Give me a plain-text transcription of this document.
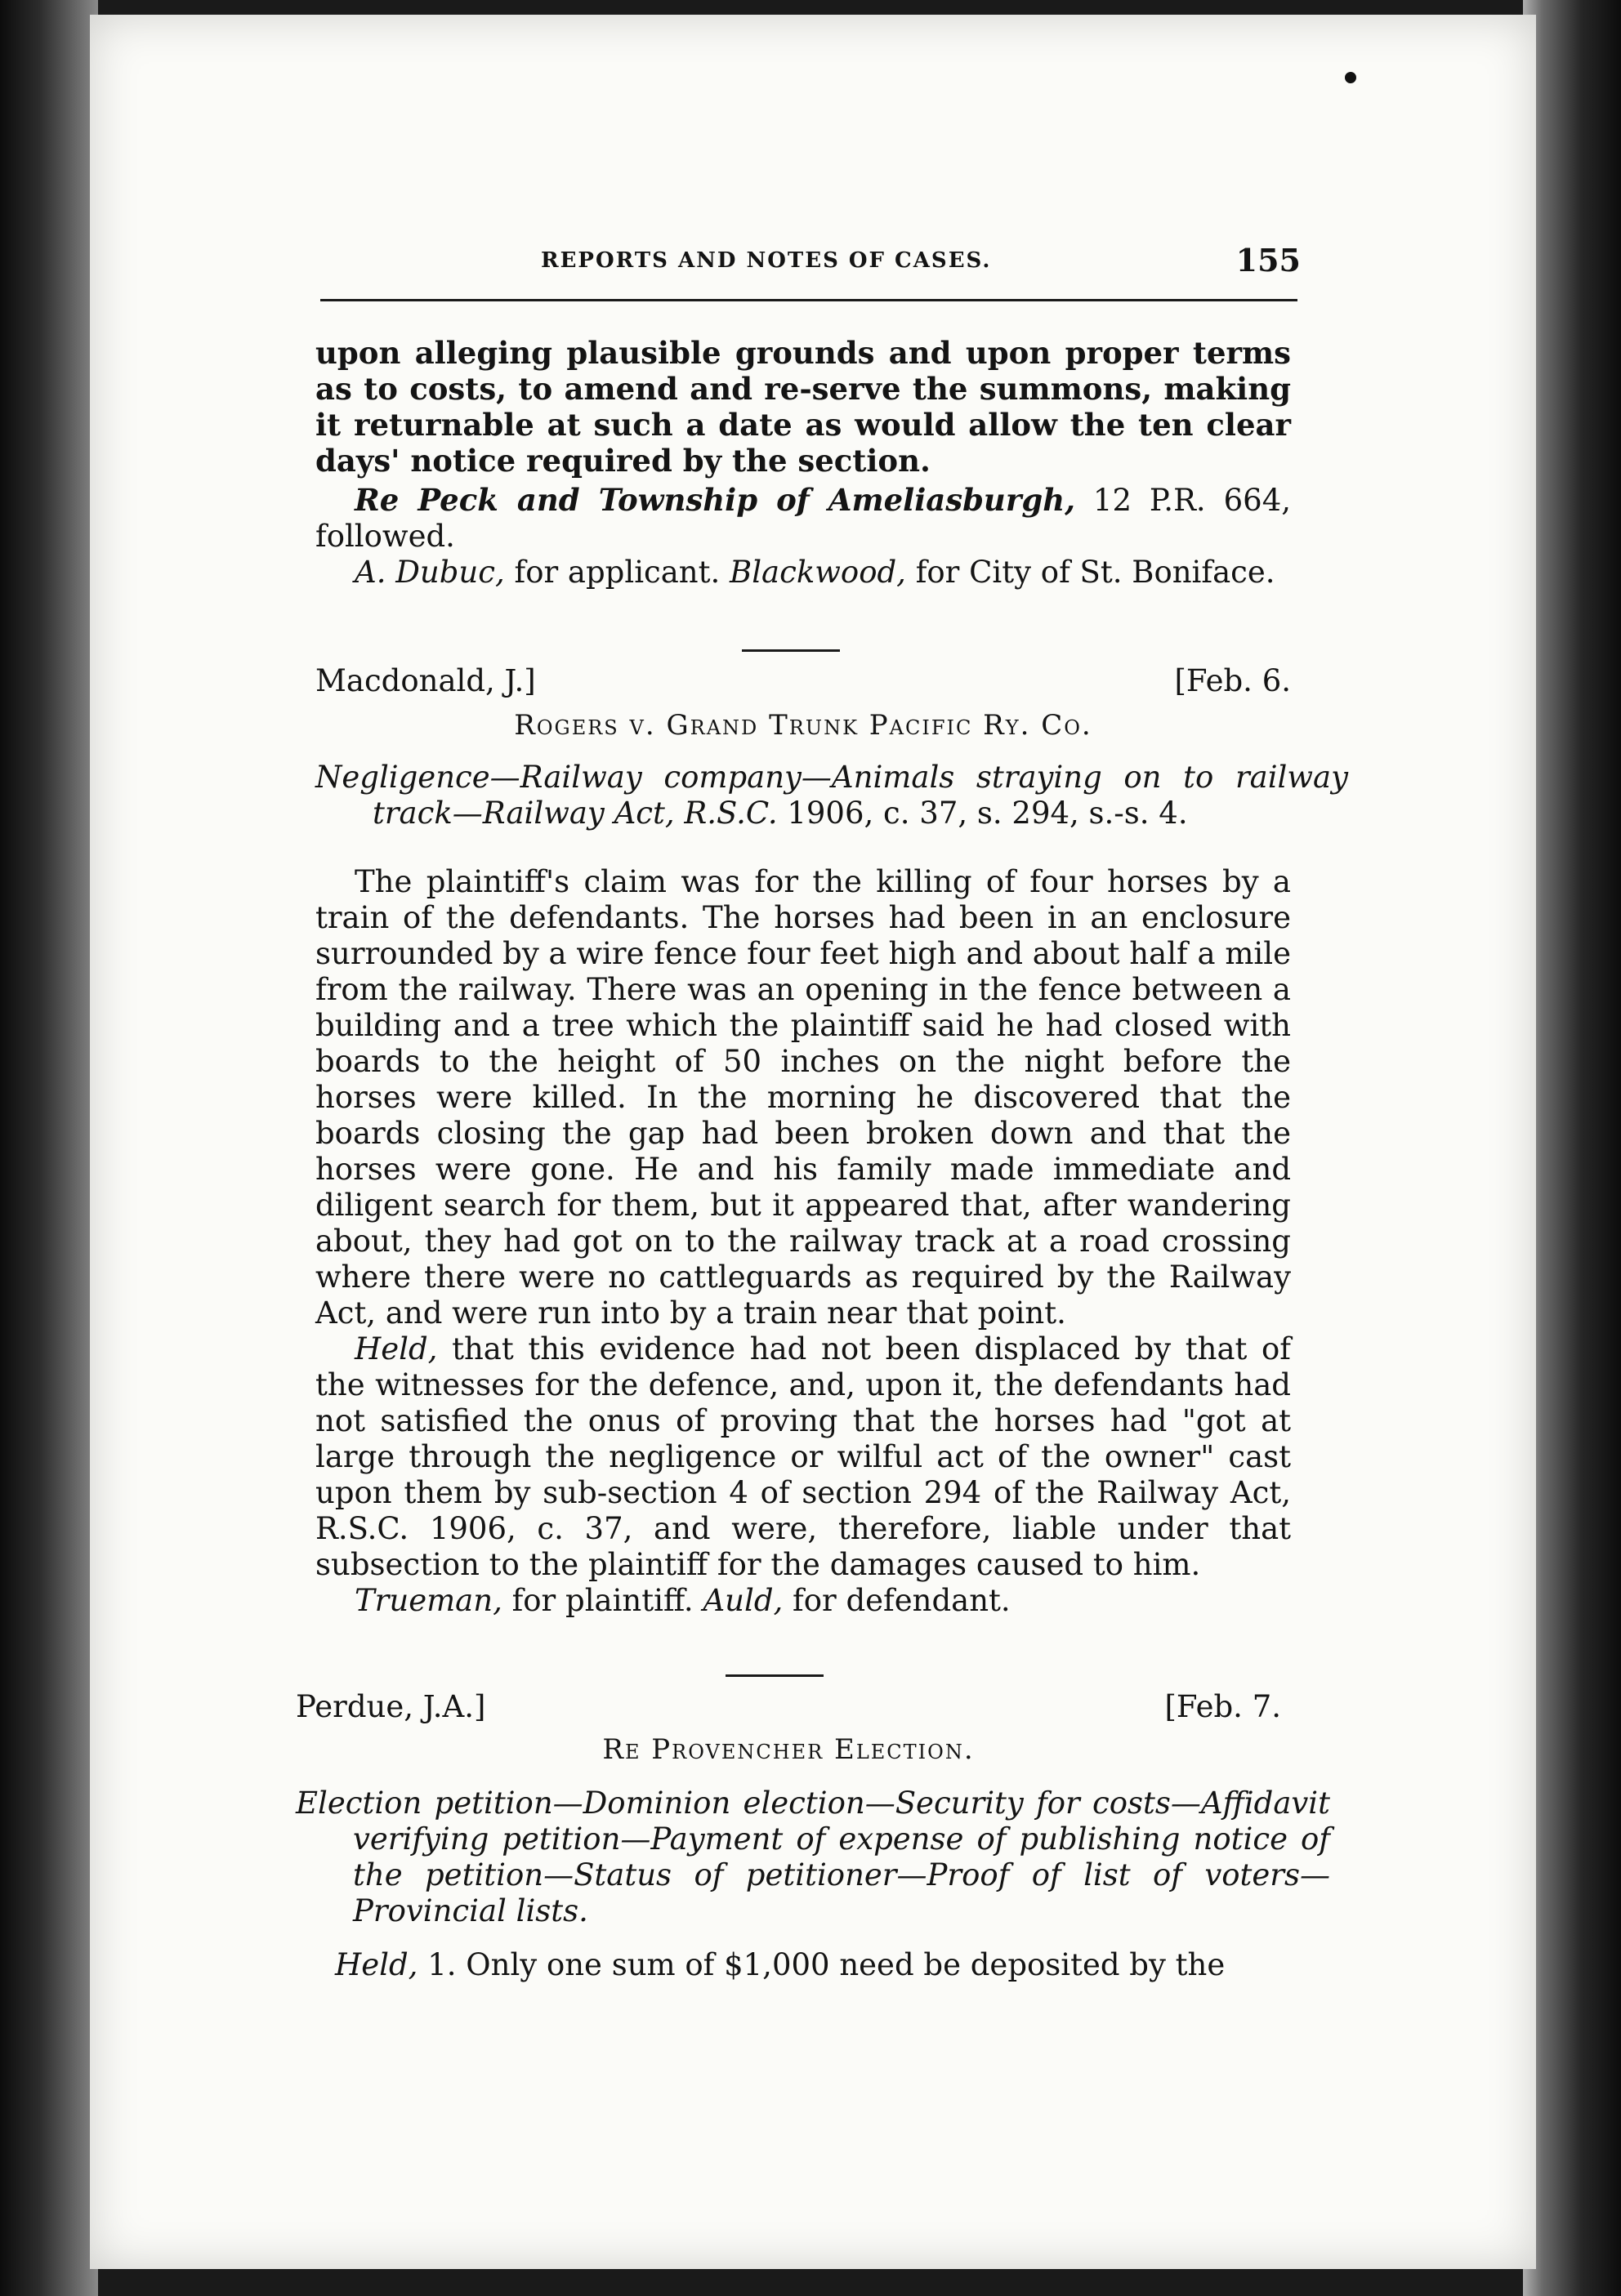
REPORTS AND NOTES OF CASES.	155

upon alleging plausible grounds and upon proper terms as to costs, to amend and re-serve the summons, making it returnable at such a date as would allow the ten clear days' notice required by the section.

Re Peck and Township of Ameliasburgh, 12 P.R. 664, followed.

A. Dubuc, for applicant. Blackwood, for City of St. Boniface.

Macdonald, J.]	[Feb. 6.
Rogers v. Grand Trunk Pacific Ry. Co.
Negligence—Railway company—Animals straying on to railway track—Railway Act, R.S.C. 1906, c. 37, s. 294, s.-s. 4.

The plaintiff's claim was for the killing of four horses by a train of the defendants. The horses had been in an enclosure surrounded by a wire fence four feet high and about half a mile from the railway. There was an opening in the fence between a building and a tree which the plaintiff said he had closed with boards to the height of 50 inches on the night before the horses were killed. In the morning he discovered that the boards closing the gap had been broken down and that the horses were gone. He and his family made immediate and diligent search for them, but it appeared that, after wandering about, they had got on to the railway track at a road crossing where there were no cattleguards as required by the Railway Act, and were run into by a train near that point.

Held, that this evidence had not been displaced by that of the witnesses for the defence, and, upon it, the defendants had not satisfied the onus of proving that the horses had "got at large through the negligence or wilful act of the owner" cast upon them by sub-section 4 of section 294 of the Railway Act, R.S.C. 1906, c. 37, and were, therefore, liable under that subsection to the plaintiff for the damages caused to him.

Trueman, for plaintiff. Auld, for defendant.

Perdue, J.A.]	[Feb. 7.
Re Provencher Election.
Election petition—Dominion election—Security for costs—Affidavit verifying petition—Payment of expense of publishing notice of the petition—Status of petitioner—Proof of list of voters—Provincial lists.

Held, 1. Only one sum of $1,000 need be deposited by the
